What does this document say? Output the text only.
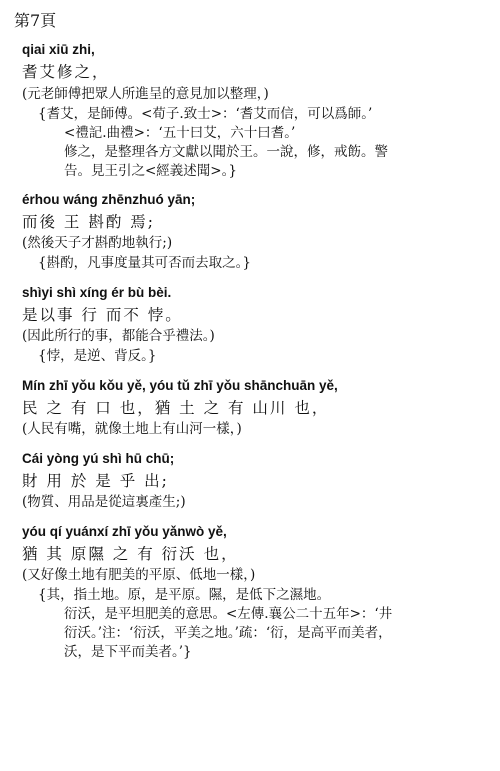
第7頁
qiai xiū zhi,
耆艾修之，
(元老師傅把眾人所進呈的意見加以整理，)
{耆艾，是師傅。<荀子.致士>：‘耆艾而信，可以爲師。’
<禮記.曲禮>：‘五十曰艾，六十曰耆。’
修之，是整理各方文獻以聞於王。一說，修，戒飭。警
告。見王引之<經義述聞>。}
érhou wáng zhēnzhuó yān;
而後 王 斟酌 焉;
(然後天子才斟酌地執行;)
{斟酌，凡事度量其可否而去取之。}
shìyi shì xíng ér bù bèi.
是以事 行 而不 悖。
(因此所行的事，都能合乎禮法。)
{悖，是逆、背反。}
Mín zhī yǒu kǒu yě, yóu tǔ zhī yǒu shānchuān yě,
民 之 有 口 也，猶 土 之 有 山川 也，
(人民有嘴，就像土地上有山河一樣，)
Cái yòng yú shì hū chū;
財 用 於 是 乎 出;
(物質、用品是從這裏產生;)
yóu qí yuánxí zhī yǒu yǎnwò yě,
猶 其 原隰 之 有 衍沃 也，
(又好像土地有肥美的平原、低地一樣，)
{其，指土地。原，是平原。隰，是低下之濕地。
衍沃，是平坦肥美的意思。<左傳.襄公二十五年>：‘井
衍沃。’注：‘衍沃，平美之地。’疏：‘衍，是高平而美者，
沃，是下平而美者。’}
